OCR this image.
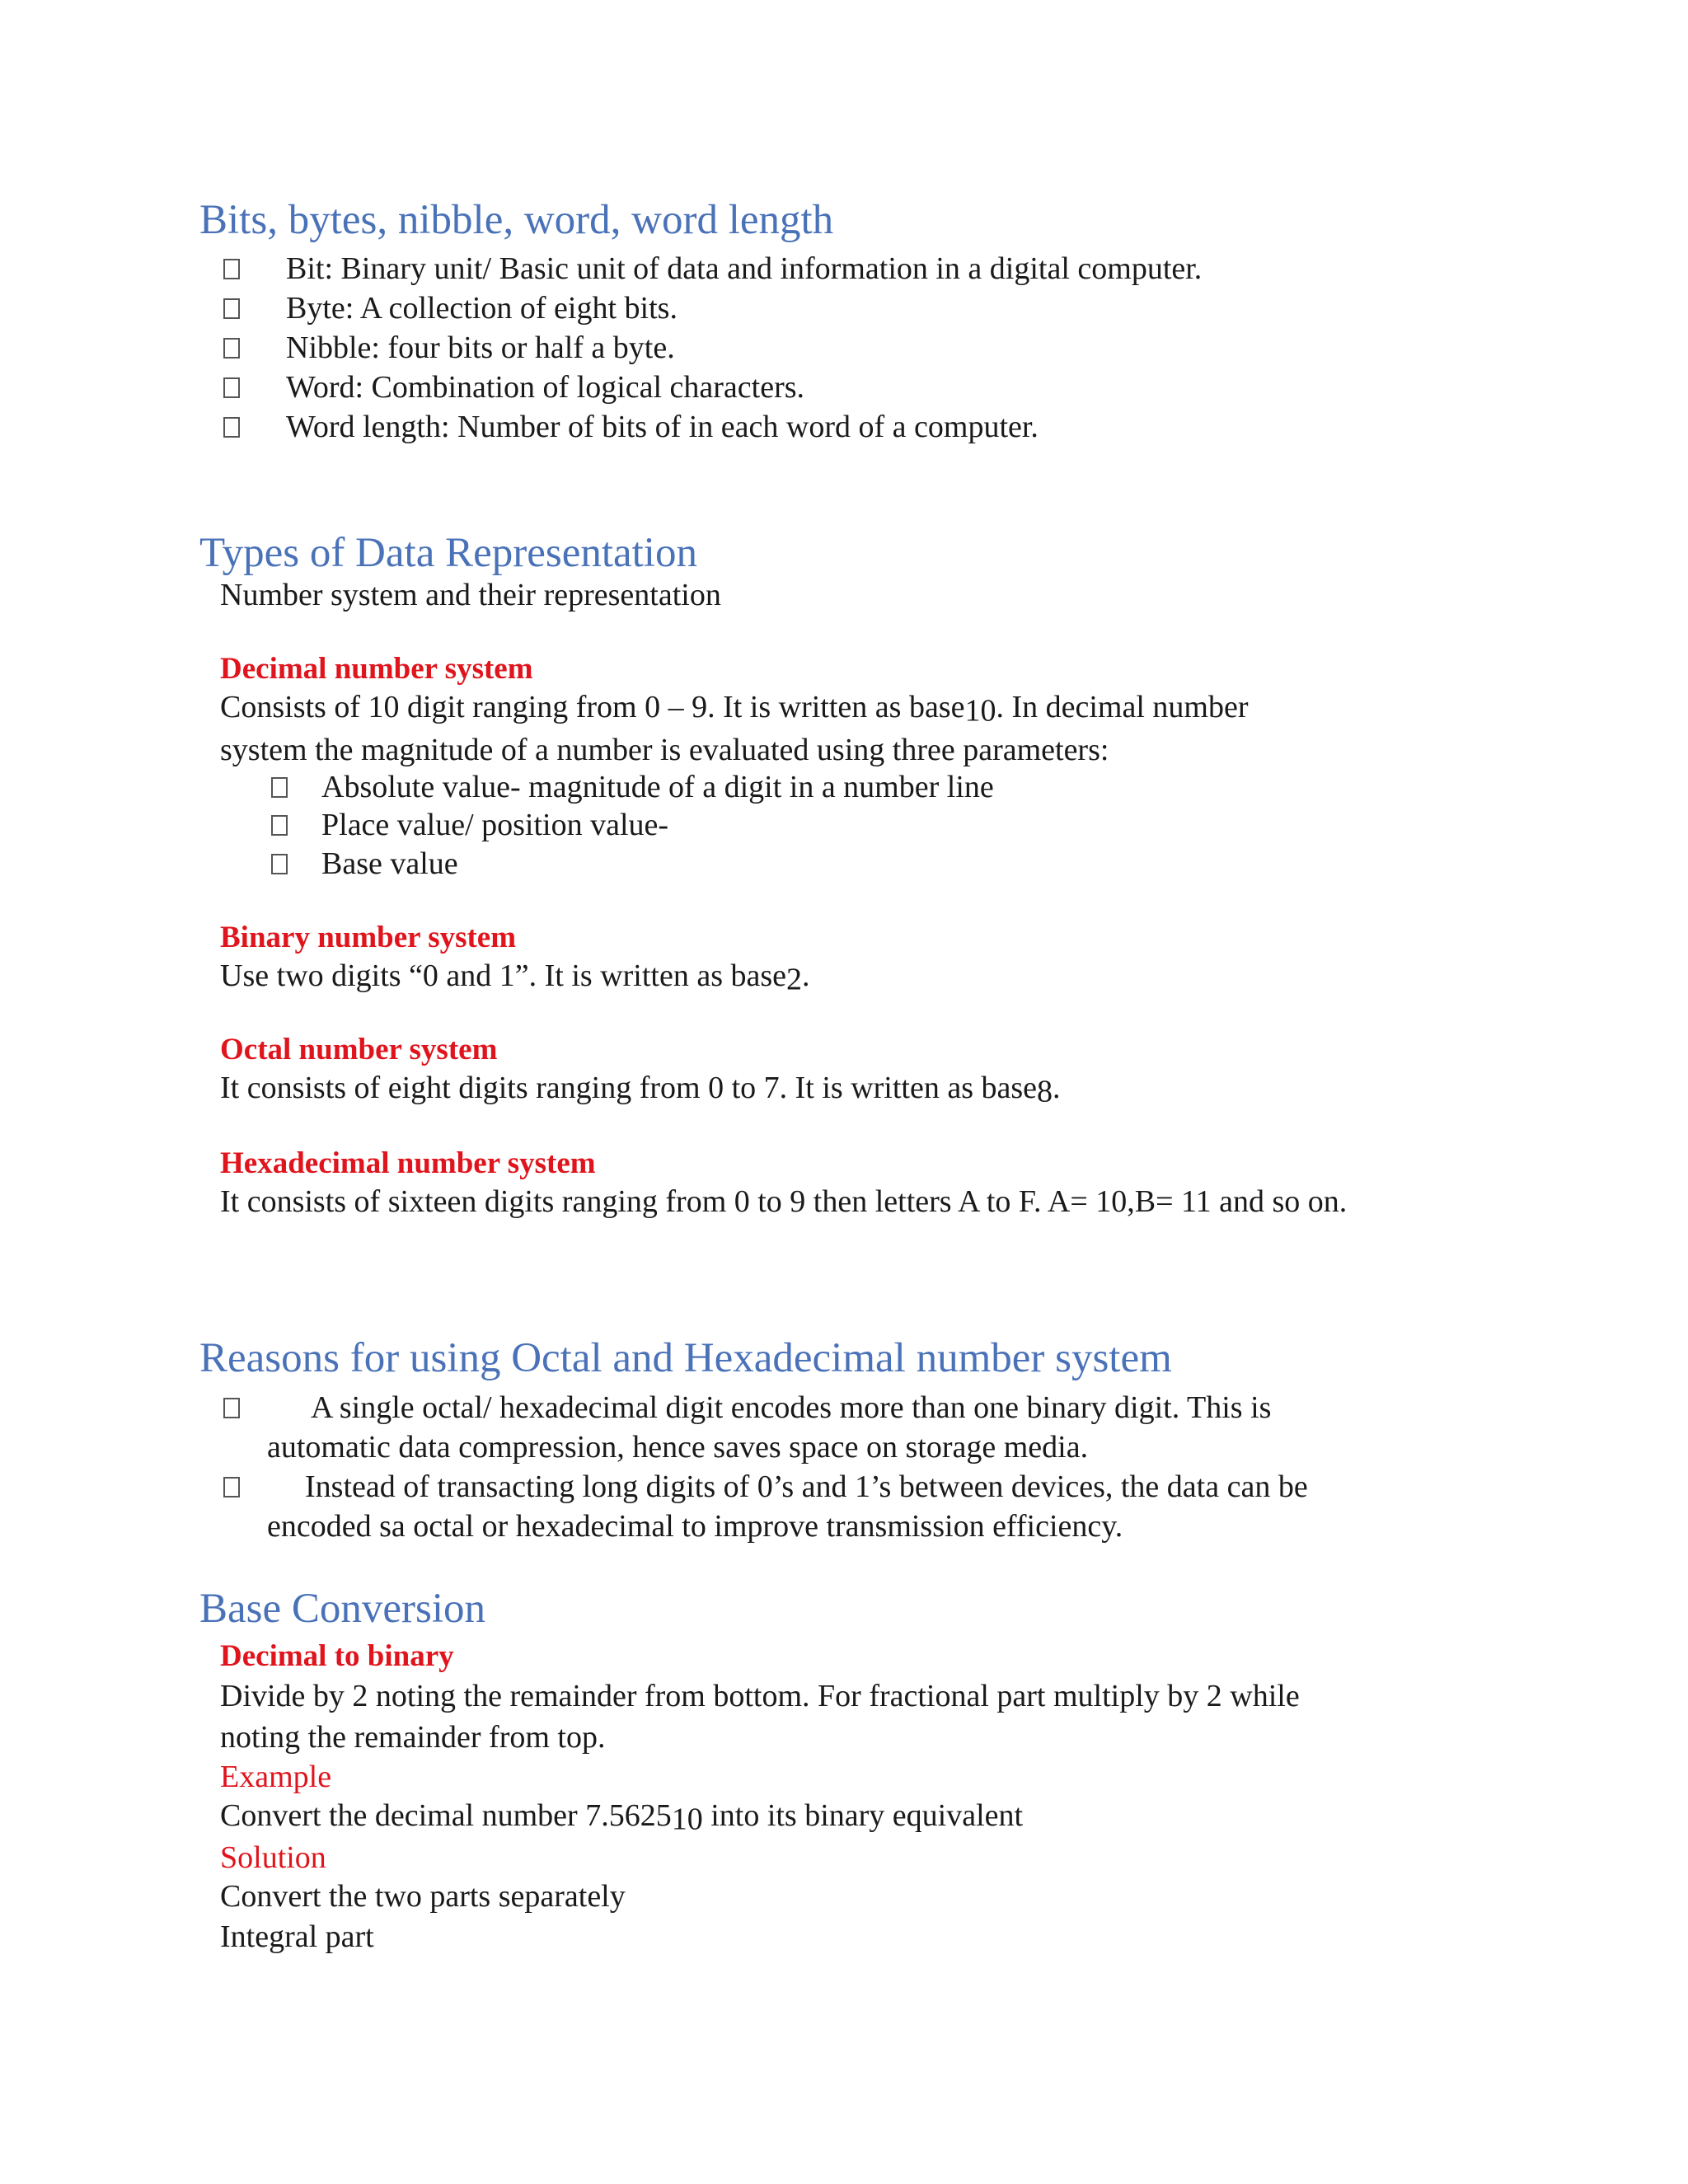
Bits, bytes, nibble, word, word length
Bit: Binary unit/ Basic unit of data and information in a digital computer.
Byte: A collection of eight bits.
Nibble: four bits or half a byte.
Word: Combination of logical characters.
Word length: Number of bits of in each word of a computer.
Types of Data Representation
Number system and their representation
Decimal number system
Consists of 10 digit ranging from 0 – 9. It is written as base10. In decimal number
system the magnitude of a number is evaluated using three parameters:
Absolute value- magnitude of a digit in a number line
Place value/ position value-
Base value
Binary number system
Use two digits “0 and 1”. It is written as base2.
Octal number system
It consists of eight digits ranging from 0 to 7. It is written as base8.
Hexadecimal number system
It consists of sixteen digits ranging from 0 to 9 then letters A to F. A= 10,B= 11 and so on.
Reasons for using Octal and Hexadecimal number system
A single octal/ hexadecimal digit encodes more than one binary digit. This is
automatic data compression, hence saves space on storage media.
Instead of transacting long digits of 0’s and 1’s between devices, the data can be
encoded sa octal or hexadecimal to improve transmission efficiency.
Base Conversion
Decimal to binary
Divide by 2 noting the remainder from bottom. For fractional part multiply by 2 while
noting the remainder from top.
Example
Convert the decimal number 7.562510 into its binary equivalent
Solution
Convert the two parts separately
Integral part
